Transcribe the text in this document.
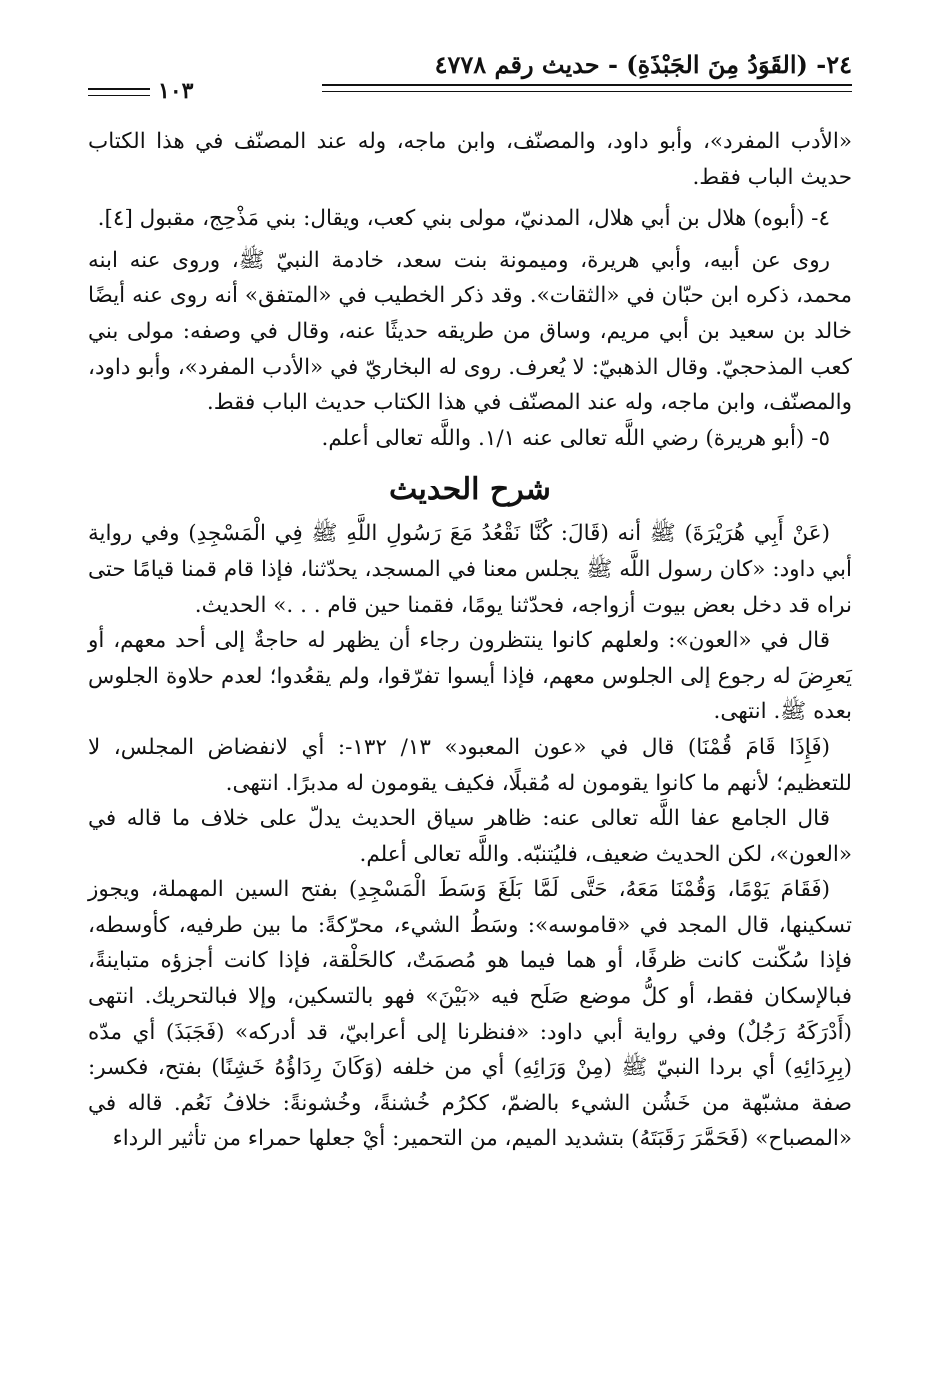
٢٤- (القَوَدُ مِنَ الجَبْذَةِ) - حديث رقم ٤٧٧٨
١٠٣

«الأدب المفرد»، وأبو داود، والمصنّف، وابن ماجه، وله عند المصنّف في هذا الكتاب حديث الباب فقط.

٤- (أبوه) هلال بن أبي هلال، المدنيّ، مولى بني كعب، ويقال: بني مَذْحِج، مقبول [٤].

روى عن أبيه، وأبي هريرة، وميمونة بنت سعد، خادمة النبيّ ﷺ، وروى عنه ابنه محمد، ذكره ابن حبّان في «الثقات». وقد ذكر الخطيب في «المتفق» أنه روى عنه أيضًا خالد بن سعيد بن أبي مريم، وساق من طريقه حديثًا عنه، وقال في وصفه: مولى بني كعب المذحجيّ. وقال الذهبيّ: لا يُعرف. روى له البخاريّ في «الأدب المفرد»، وأبو داود، والمصنّف، وابن ماجه، وله عند المصنّف في هذا الكتاب حديث الباب فقط.

٥- (أبو هريرة) رضي اللَّه تعالى عنه ١/١. واللَّه تعالى أعلم.

شرح الحديث

(عَنْ أَبِي هُرَيْرَةَ) ﷺ أنه (قَالَ: كُنَّا نَقْعُدُ مَعَ رَسُولِ اللَّهِ ﷺ فِي الْمَسْجِدِ) وفي رواية أبي داود: «كان رسول اللَّه ﷺ يجلس معنا في المسجد، يحدّثنا، فإذا قام قمنا قيامًا حتى نراه قد دخل بعض بيوت أزواجه، فحدّثنا يومًا، فقمنا حين قام . . .» الحديث.

قال في «العون»: ولعلهم كانوا ينتظرون رجاء أن يظهر له حاجةٌ إلى أحد معهم، أو يَعرِضَ له رجوع إلى الجلوس معهم، فإذا أيسوا تفرّقوا، ولم يقعُدوا؛ لعدم حلاوة الجلوس بعده ﷺ. انتهى.

(فَإِذَا قَامَ قُمْنَا) قال في «عون المعبود» ١٣/ ١٣٢-: أي لانفضاض المجلس، لا للتعظيم؛ لأنهم ما كانوا يقومون له مُقبلًا، فكيف يقومون له مدبرًا. انتهى.

قال الجامع عفا اللَّه تعالى عنه: ظاهر سياق الحديث يدلّ على خلاف ما قاله في «العون»، لكن الحديث ضعيف، فليُتنبّه. واللَّه تعالى أعلم.

(فَقَامَ يَوْمًا، وَقُمْنَا مَعَهُ، حَتَّى لَمَّا بَلَغَ وَسَطَ الْمَسْجِدِ) بفتح السين المهملة، ويجوز تسكينها، قال المجد في «قاموسه»: وسَطُ الشيء، محرّكةً: ما بين طرفيه، كأوسطه، فإذا سُكّنت كانت ظرفًا، أو هما فيما هو مُصمَتٌ، كالحَلْقة، فإذا كانت أجزؤه متباينةً، فبالإسكان فقط، أو كلُّ موضع صَلَح فيه «بَيْنَ» فهو بالتسكين، وإلا فبالتحريك. انتهى (أَدْرَكَهُ رَجُلٌ) وفي رواية أبي داود: «فنظرنا إلى أعرابيّ، قد أدركه» (فَجَبَذَ) أي مدّه (بِرِدَائِهِ) أي بردا النبيّ ﷺ (مِنْ وَرَائِهِ) أي من خلفه (وَكَانَ رِدَاؤُهُ خَشِنًا) بفتح، فكسر: صفة مشبّهة من خَشُن الشيء بالضمّ، ككرُم خُشنةً، وخُشونةً: خلافُ نَعُم. قاله في «المصباح» (فَحَمَّرَ رَقَبَتَهُ) بتشديد الميم، من التحمير: أيْ جعلها حمراء من تأثير الرداء
